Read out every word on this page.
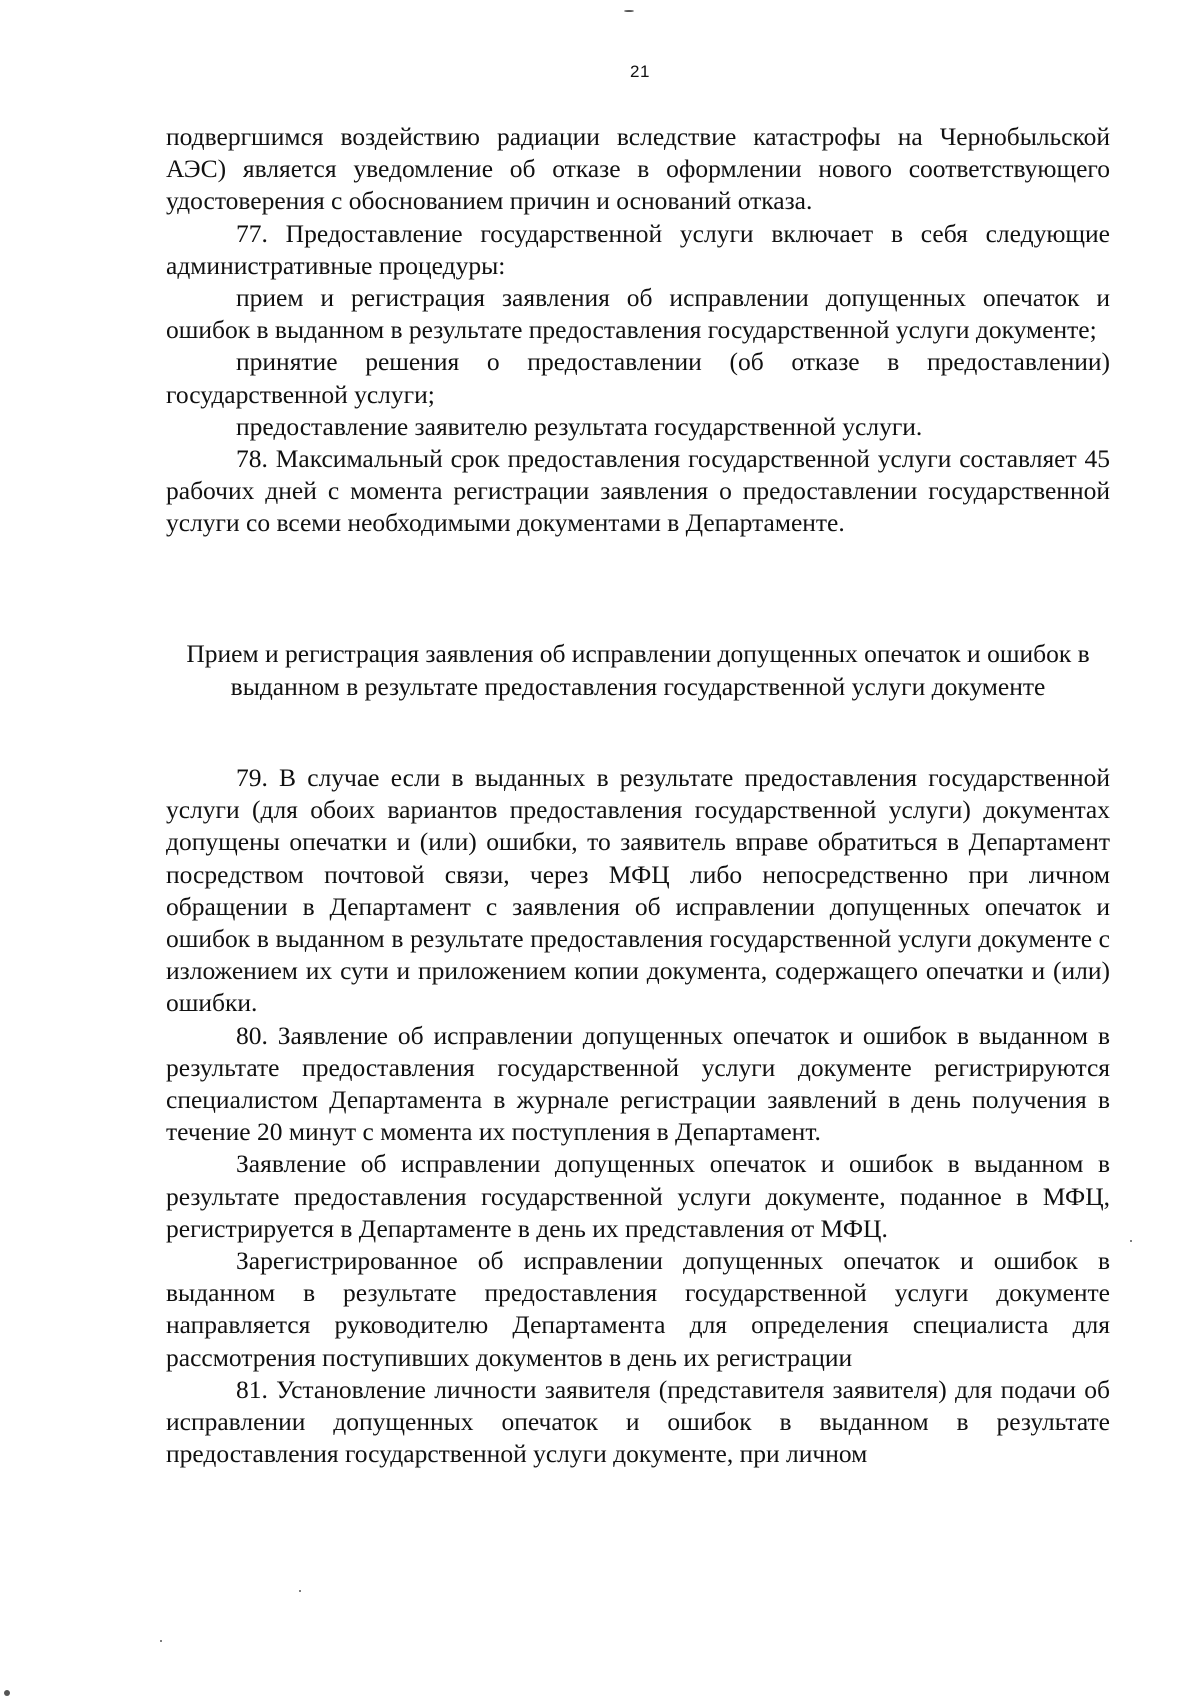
21

подвергшимся воздействию радиации вследствие катастрофы на Чернобыльской АЭС) является уведомление об отказе в оформлении нового соответствующего удостоверения с обоснованием причин и оснований отказа.

77. Предоставление государственной услуги включает в себя следующие административные процедуры:

прием и регистрация заявления об исправлении допущенных опечаток и ошибок в выданном в результате предоставления государственной услуги документе;

принятие решения о предоставлении (об отказе в предоставлении) государственной услуги;

предоставление заявителю результата государственной услуги.

78. Максимальный срок предоставления государственной услуги составляет 45 рабочих дней с момента регистрации заявления о предоставлении государственной услуги со всеми необходимыми документами в Департаменте.

Прием и регистрация заявления об исправлении допущенных опечаток и ошибок в выданном в результате предоставления государственной услуги документе

79. В случае если в выданных в результате предоставления государственной услуги (для обоих вариантов предоставления государственной услуги) документах допущены опечатки и (или) ошибки, то заявитель вправе обратиться в Департамент посредством почтовой связи, через МФЦ либо непосредственно при личном обращении в Департамент с заявления об исправлении допущенных опечаток и ошибок в выданном в результате предоставления государственной услуги документе с изложением их сути и приложением копии документа, содержащего опечатки и (или) ошибки.

80. Заявление об исправлении допущенных опечаток и ошибок в выданном в результате предоставления государственной услуги документе регистрируются специалистом Департамента в журнале регистрации заявлений в день получения в течение 20 минут с момента их поступления в Департамент.

Заявление об исправлении допущенных опечаток и ошибок в выданном в результате предоставления государственной услуги документе, поданное в МФЦ, регистрируется в Департаменте в день их представления от МФЦ.

Зарегистрированное об исправлении допущенных опечаток и ошибок в выданном в результате предоставления государственной услуги документе направляется руководителю Департамента для определения специалиста для рассмотрения поступивших документов в день их регистрации

81. Установление личности заявителя (представителя заявителя) для подачи об исправлении допущенных опечаток и ошибок в выданном в результате предоставления государственной услуги документе, при личном
